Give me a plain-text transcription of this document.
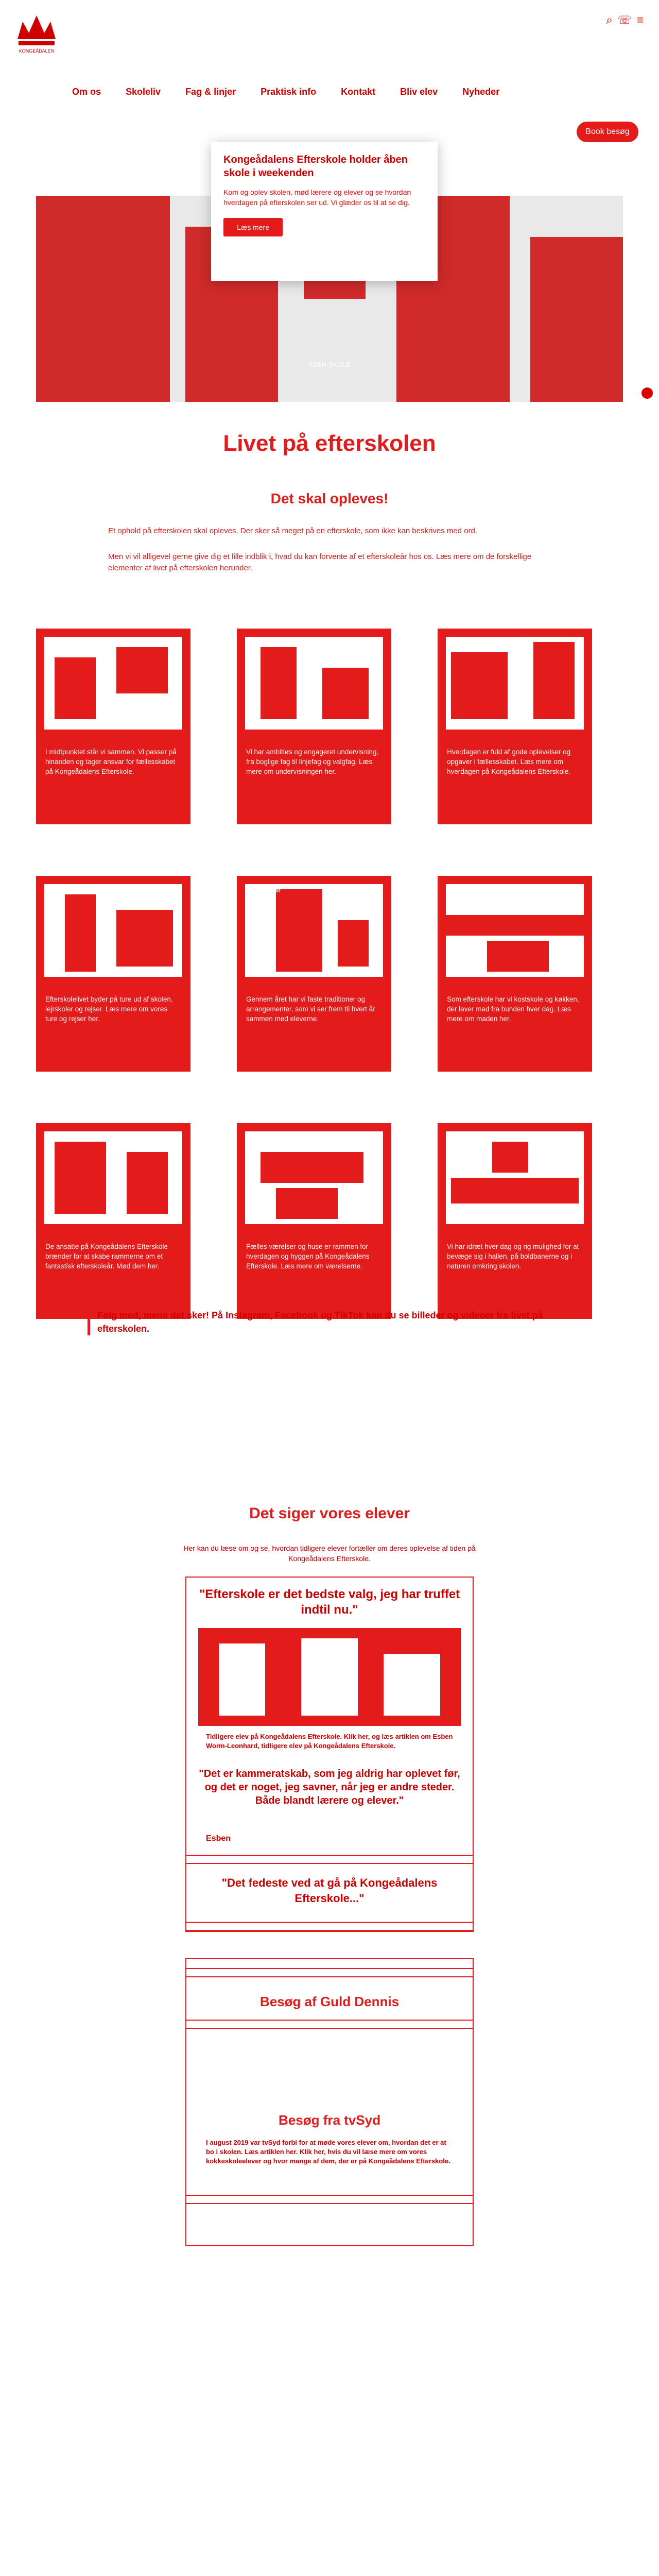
KONGEÅDALEN
⌕ ☏ ≡
Om os	Skoleliv	Fag & linjer	Praktisk info	Kontakt	Bliv elev	Nyheder
Book besøg
ÅBEN SKOLE
Kongeådalens Efterskole holder åben skole i weekenden

Kom og oplev skolen, mød lærere og elever og se hvordan hverdagen på efterskolen ser ud. Vi glæder os til at se dig.

Læs mere
Livet på efterskolen
Det skal opleves!

Et ophold på efterskolen skal opleves. Der sker så meget på en efterskole, som ikke kan beskrives med ord.

Men vi vil alligevel gerne give dig et lille indblik i, hvad du kan forvente af et efterskoleår hos os. Læs mere om de forskellige elementer af livet på efterskolen herunder.

Fællesskab

I midtpunktet står vi sammen. Vi passer på hinanden og tager ansvar for fællesskabet på Kongeådalens Efterskole.

Undervisning

Vi har ambitiøs og engageret undervisning, fra boglige fag til linjefag og valgfag. Læs mere om undervisningen her.

Hverdagen

Hverdagen er fuld af gode oplevelser og opgaver i fællesskabet. Læs mere om hverdagen på Kongeådalens Efterskole.

Ture & rejser

Efterskolelivet byder på ture ud af skolen, lejrskoler og rejser. Læs mere om vores ture og rejser her.

Traditioner

Gennem året har vi faste traditioner og arrangementer, som vi ser frem til hvert år sammen med eleverne.

Kostskole

Som efterskole har vi kostskole og køkken, der laver mad fra bunden hver dag. Læs mere om maden her.

Kontaktlærer

De ansatte på Kongeådalens Efterskole brænder for at skabe rammerne om et fantastisk efterskoleår. Mød dem her.

Værelser

Fælles værelser og huse er rammen for hverdagen og hyggen på Kongeådalens Efterskole. Læs mere om værelserne.

Idræt

Vi har idræt hver dag og rig mulighed for at bevæge sig i hallen, på boldbanerne og i naturen omkring skolen.

Følg med, mens det sker! På Instagram, Facebook og TikTok kan du se billeder og videoer fra livet på efterskolen.

Det siger vores elever

Her kan du læse om og se, hvordan tidligere elever fortæller om deres oplevelse af tiden på Kongeådalens Efterskole.

"Efterskole er det bedste valg, jeg har truffet indtil nu."

Tidligere elev på Kongeådalens Efterskole. Klik her, og læs artiklen om Esben Worm-Leonhard, tidligere elev på Kongeådalens Efterskole.

"Det er kammeratskab, som jeg aldrig har oplevet før, og det er noget, jeg savner, når jeg er andre steder. Både blandt lærere og elever."

Esben

"Det fedeste ved at gå på Kongeådalens Efterskole..."
Besøg af Guld Dennis
Besøg fra tvSyd

I august 2019 var tvSyd forbi for at møde vores elever om, hvordan det er at bo i skolen. Læs artiklen her. Klik her, hvis du vil læse mere om vores kokkeskoleelever og hvor mange af dem, der er på Kongeådalens Efterskole.
